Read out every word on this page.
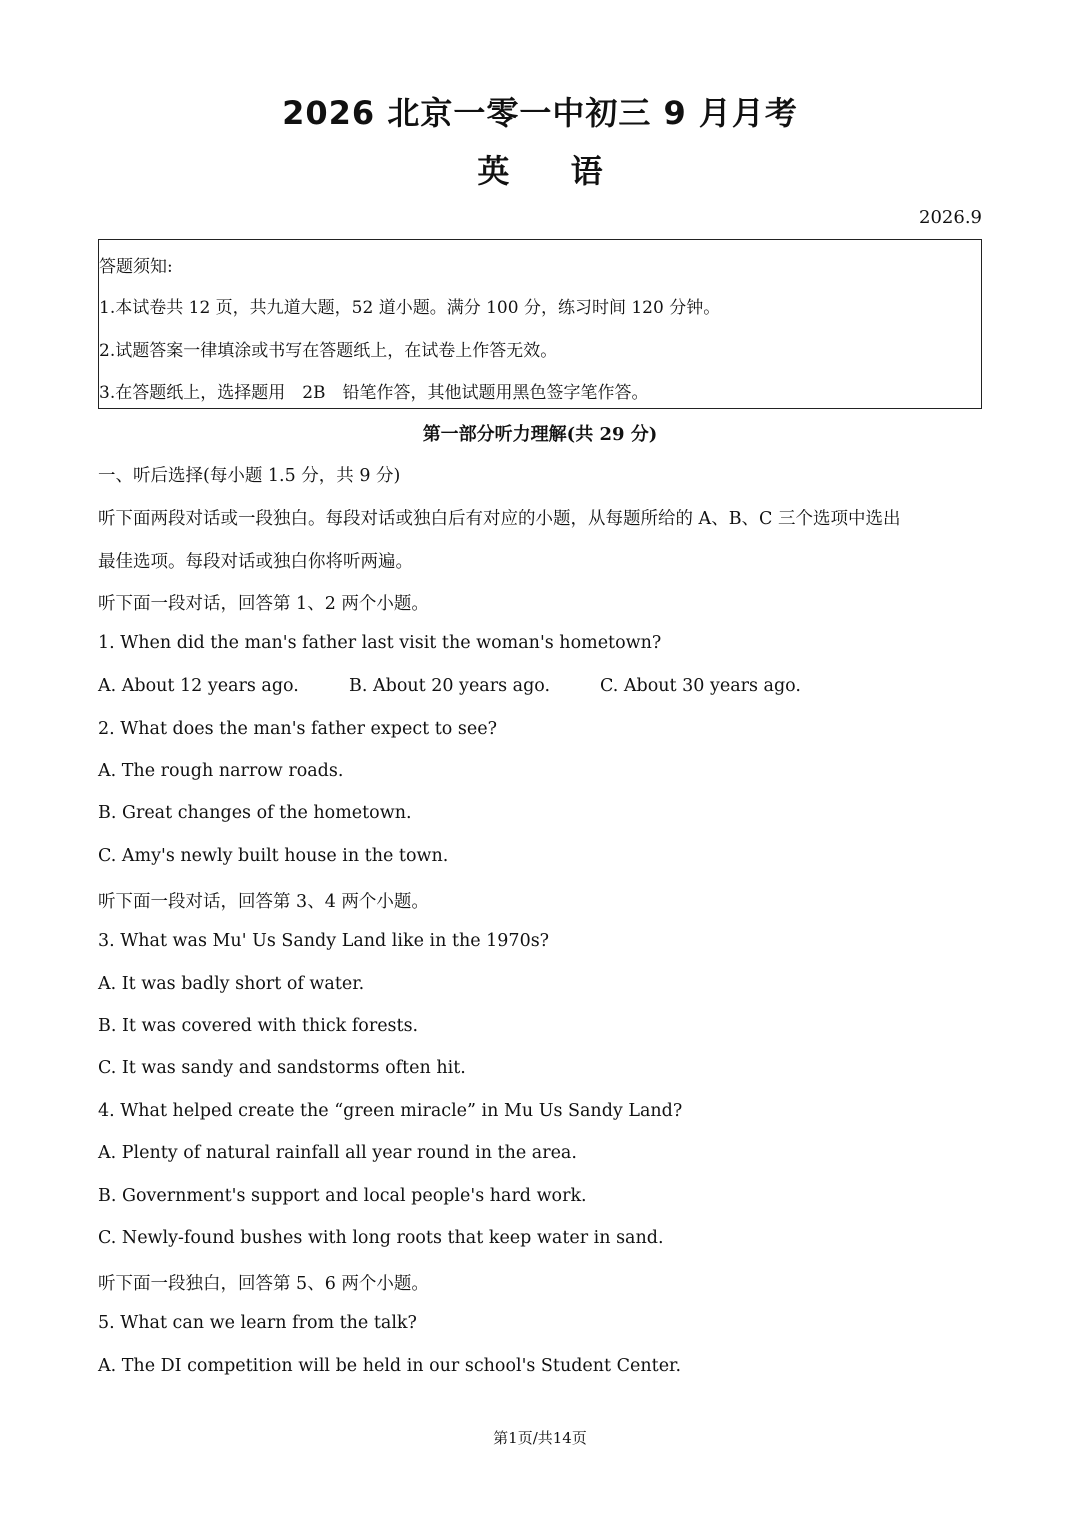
2026 北京一零一中初三 9 月月考
英 语
2026.9
答题须知:
1.本试卷共 12 页，共九道大题，52 道小题。满分 100 分，练习时间 120 分钟。
2.试题答案一律填涂或书写在答题纸上，在试卷上作答无效。
3.在答题纸上，选择题用　2B　铅笔作答，其他试题用黑色签字笔作答。
第一部分听力理解(共 29 分)
一、听后选择(每小题 1.5 分，共 9 分)
听下面两段对话或一段独白。每段对话或独白后有对应的小题，从每题所给的 A、B、C 三个选项中选出
最佳选项。每段对话或独白你将听两遍。
听下面一段对话，回答第 1、2 两个小题。
1. When did the man's father last visit the woman's hometown?
A. About 12 years ago.	B. About 20 years ago.	C. About 30 years ago.
2. What does the man's father expect to see?
A. The rough narrow roads.
B. Great changes of the hometown.
C. Amy's newly built house in the town.
听下面一段对话，回答第 3、4 两个小题。
3. What was Mu' Us Sandy Land like in the 1970s?
A. It was badly short of water.
B. It was covered with thick forests.
C. It was sandy and sandstorms often hit.
4. What helped create the “green miracle” in Mu Us Sandy Land?
A. Plenty of natural rainfall all year round in the area.
B. Government's support and local people's hard work.
C. Newly-found bushes with long roots that keep water in sand.
听下面一段独白，回答第 5、6 两个小题。
5. What can we learn from the talk?
A. The DI competition will be held in our school's Student Center.
第1页/共14页
